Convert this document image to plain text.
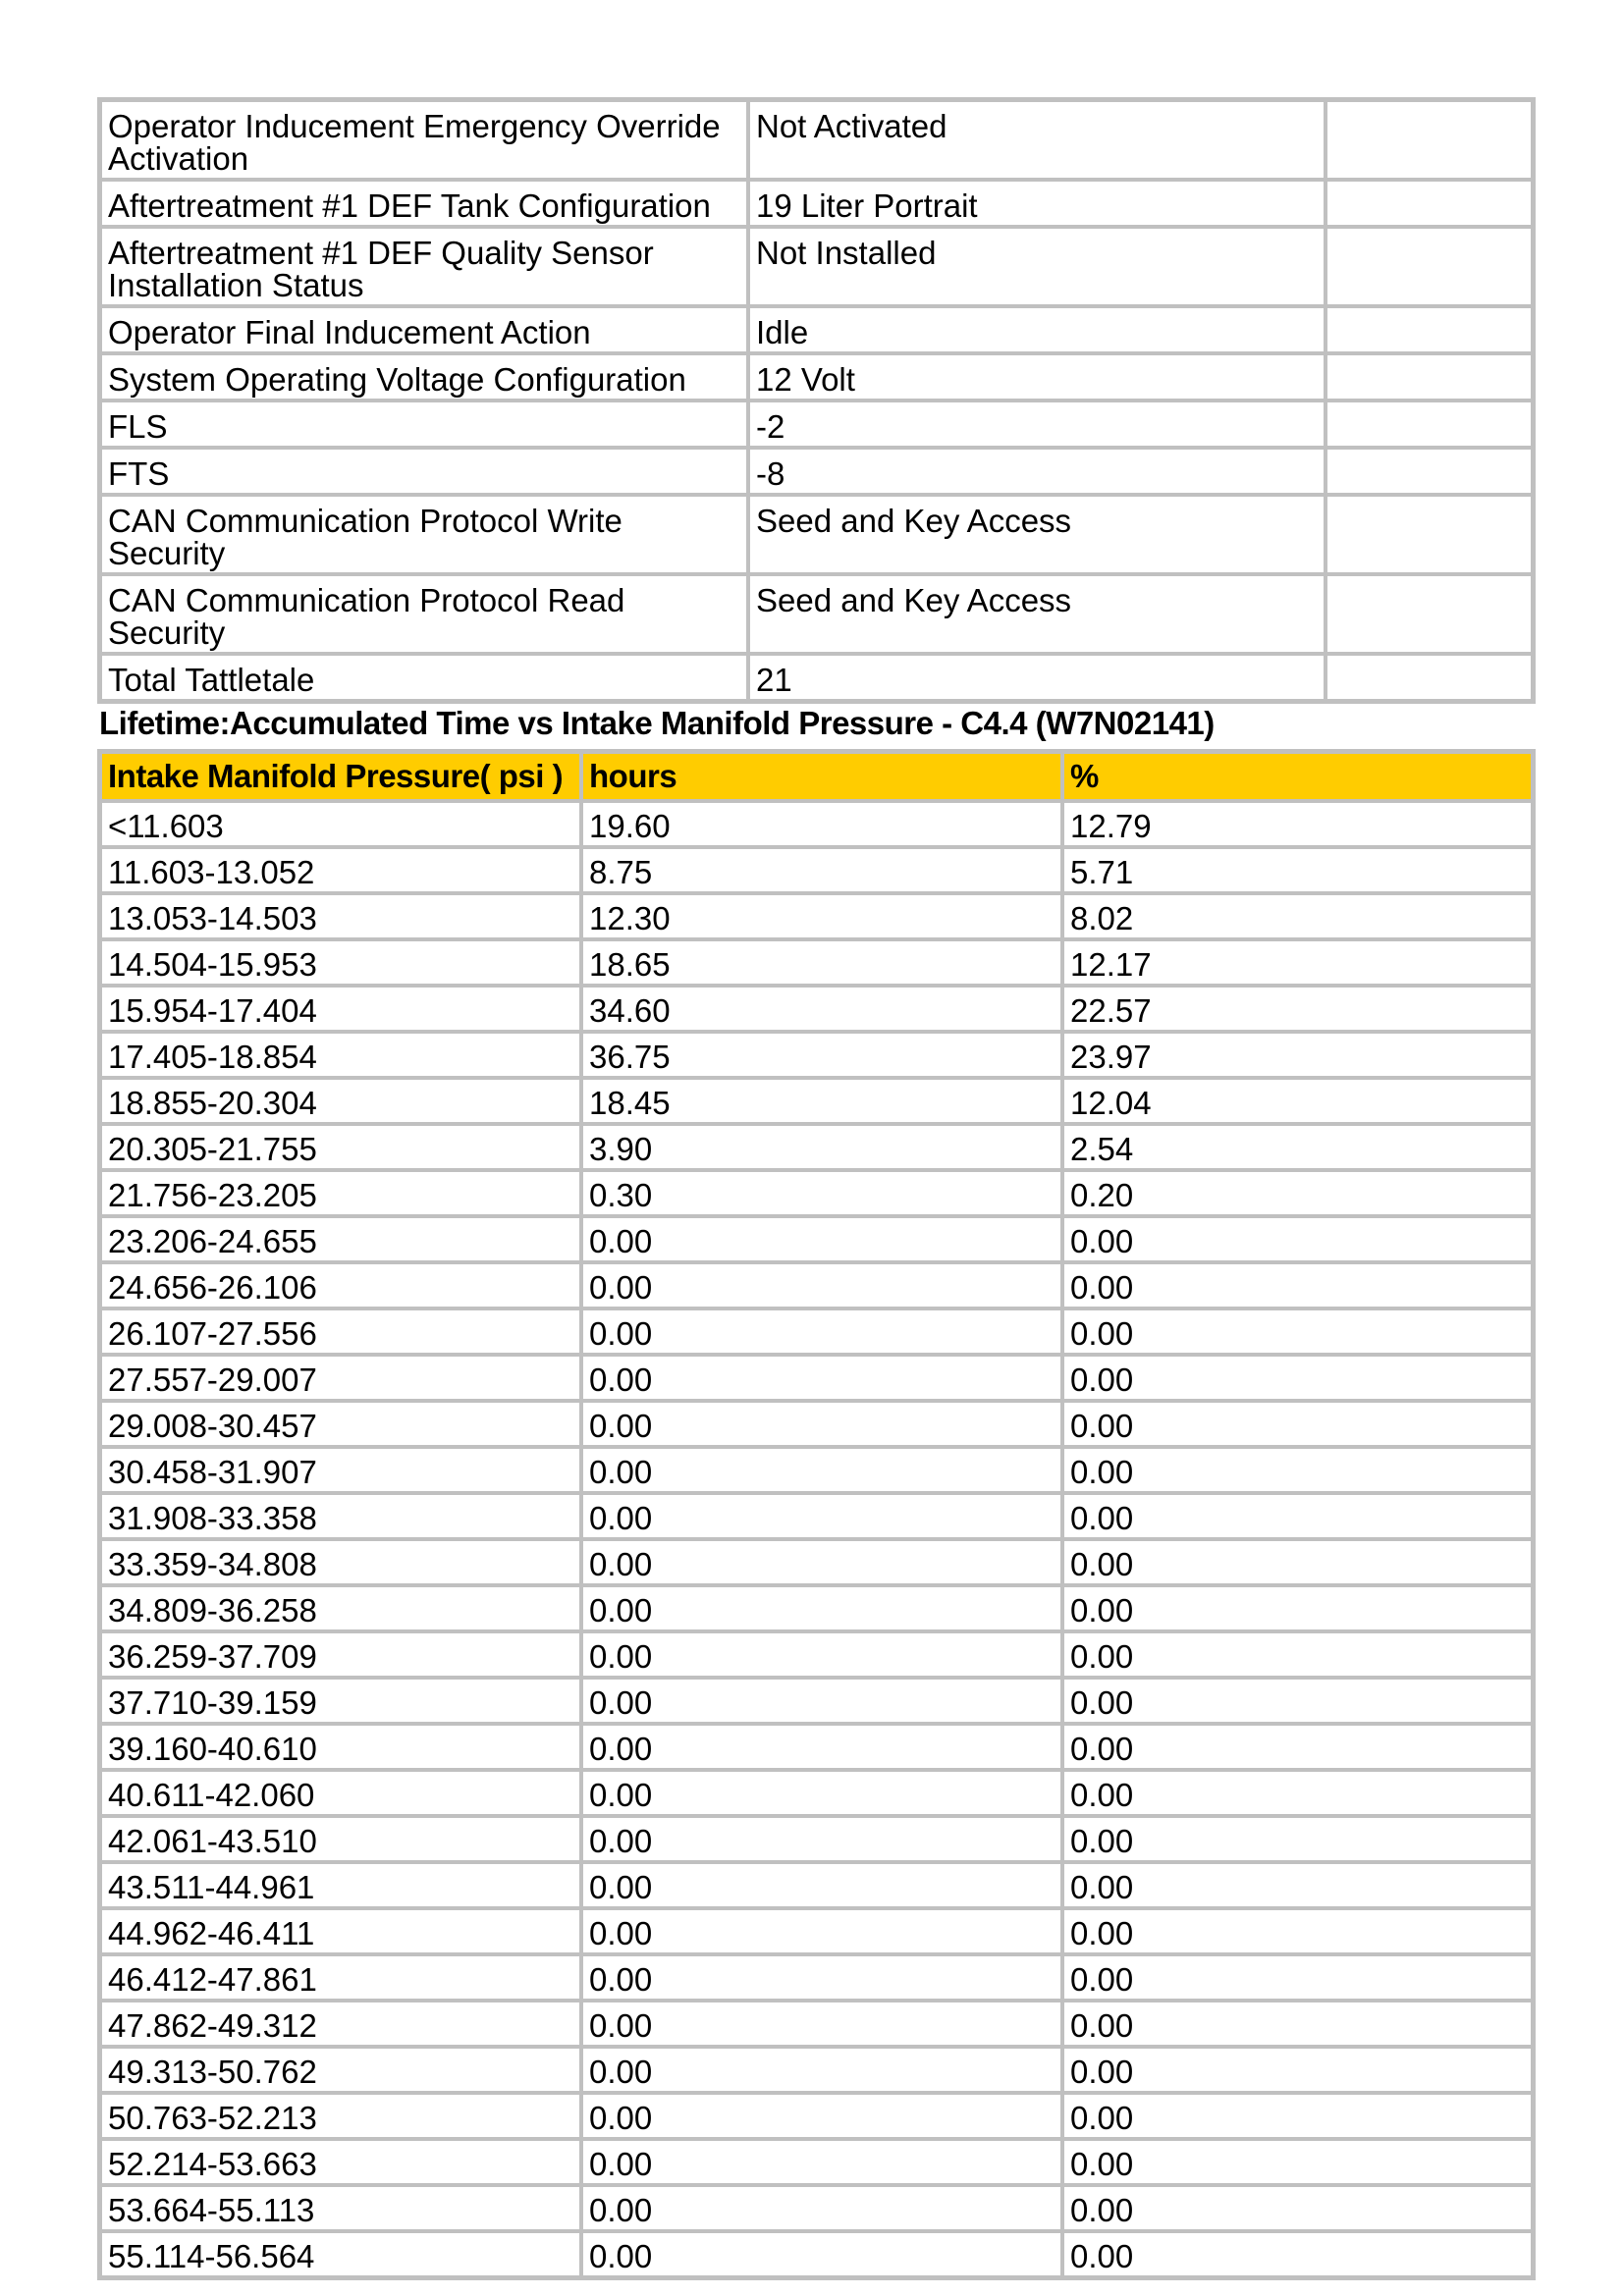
Operator Inducement Emergency Override Activation	Not Activated	
Aftertreatment #1 DEF Tank Configuration	19 Liter Portrait	
Aftertreatment #1 DEF Quality Sensor Installation Status	Not Installed	
Operator Final Inducement Action	Idle	
System Operating Voltage Configuration	12 Volt	
FLS	-2	
FTS	-8	
CAN Communication Protocol Write Security	Seed and Key Access	
CAN Communication Protocol Read Security	Seed and Key Access	
Total Tattletale	21	
Lifetime:Accumulated Time vs Intake Manifold Pressure - C4.4 (W7N02141)
Intake Manifold Pressure( psi )	hours	%
<11.603	19.60	12.79
11.603-13.052	8.75	5.71
13.053-14.503	12.30	8.02
14.504-15.953	18.65	12.17
15.954-17.404	34.60	22.57
17.405-18.854	36.75	23.97
18.855-20.304	18.45	12.04
20.305-21.755	3.90	2.54
21.756-23.205	0.30	0.20
23.206-24.655	0.00	0.00
24.656-26.106	0.00	0.00
26.107-27.556	0.00	0.00
27.557-29.007	0.00	0.00
29.008-30.457	0.00	0.00
30.458-31.907	0.00	0.00
31.908-33.358	0.00	0.00
33.359-34.808	0.00	0.00
34.809-36.258	0.00	0.00
36.259-37.709	0.00	0.00
37.710-39.159	0.00	0.00
39.160-40.610	0.00	0.00
40.611-42.060	0.00	0.00
42.061-43.510	0.00	0.00
43.511-44.961	0.00	0.00
44.962-46.411	0.00	0.00
46.412-47.861	0.00	0.00
47.862-49.312	0.00	0.00
49.313-50.762	0.00	0.00
50.763-52.213	0.00	0.00
52.214-53.663	0.00	0.00
53.664-55.113	0.00	0.00
55.114-56.564	0.00	0.00
